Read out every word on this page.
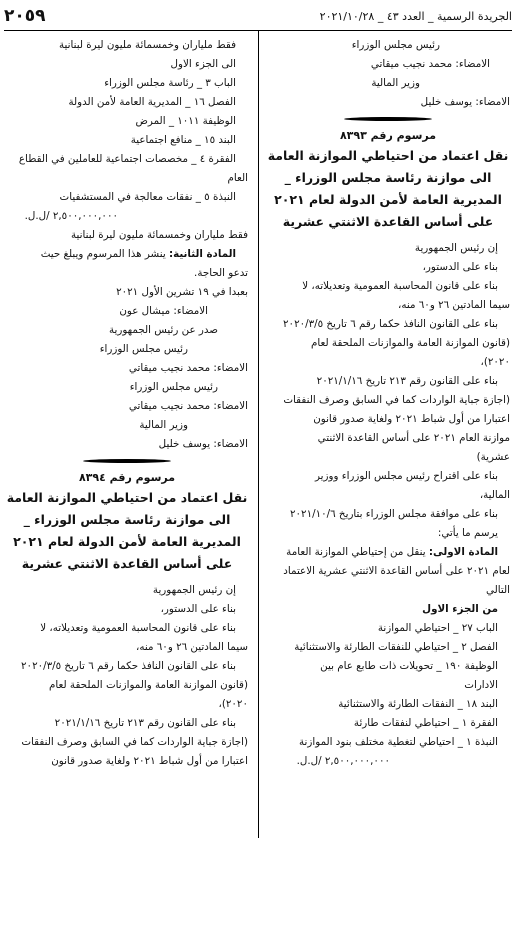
الجريدة الرسمية _ العدد ٤٣ _ ٢٠٢١/١٠/٢٨
٢٠٥٩

رئيس مجلس الوزراء

الامضاء: محمد نجيب ميقاتي

وزير المالية

الامضاء: يوسف خليل

مرسوم رقم ٨٣٩٣

نقل اعتماد من احتياطي الموازنة العامة

الى موازنة رئاسة مجلس الوزراء _

المديرية العامة لأمن الدولة لعام ٢٠٢١

على أساس القاعدة الاثنتي عشرية

إن رئيس الجمهورية

بناء على الدستور،

بناء على قانون المحاسبة العمومية وتعديلاته، لا

سيما المادتين ٢٦ و٦٠ منه،

بناء على القانون النافذ حكما رقم ٦ تاريخ ٢٠٢٠/٣/٥

(قانون الموازنة العامة والموازنات الملحقة لعام

٢٠٢٠)،

بناء على القانون رقم ٢١٣ تاريخ ٢٠٢١/١/١٦

(اجازة جباية الواردات كما في السابق وصرف النفقات

اعتبارا من أول شباط ٢٠٢١ ولغاية صدور قانون

موازنة العام ٢٠٢١ على أساس القاعدة الاثنتي

عشرية)

بناء على اقتراح رئيس مجلس الوزراء ووزير

المالية،

بناء على موافقة مجلس الوزراء بتاريخ ٢٠٢١/١٠/٦

يرسم ما يأتي:

المادة الاولى: ينقل من إحتياطي الموازنة العامة

لعام ٢٠٢١ على أساس القاعدة الاثنتي عشرية الاعتماد

التالي

من الجزء الاول

الباب ٢٧ _ احتياطي الموازنة

الفصل ٢ _ احتياطي للنفقات الطارئة والاستثنائية

الوظيفة ١٩٠ _ تحويلات ذات طابع عام بين

الادارات

البند ١٨ _ النفقات الطارئة والاستثنائية

الفقرة ١ _ احتياطي لنفقات طارئة

النبذة ١ _ احتياطي لتغطية مختلف بنود الموازنة

٢,٥٠٠,٠٠٠,٠٠٠ /ل.ل.

فقط ملياران وخمسمائة مليون ليرة لبنانية

الى الجزء الاول

الباب ٣ _ رئاسة مجلس الوزراء

الفصل ١٦ _ المديرية العامة لأمن الدولة

الوظيفة ١٠١١ _ المرض

البند ١٥ _ منافع اجتماعية

الفقرة ٤ _ مخصصات اجتماعية للعاملين في القطاع

العام

النبذة ٥ _ نفقات معالجة في المستشفيات

٢,٥٠٠,٠٠٠,٠٠٠ /ل.ل.

فقط ملياران وخمسمائة مليون ليرة لبنانية

المادة الثانية: ينشر هذا المرسوم ويبلغ حيث

تدعو الحاجة.

بعبدا في ١٩ تشرين الأول ٢٠٢١

الامضاء: ميشال عون

صدر عن رئيس الجمهورية

رئيس مجلس الوزراء

الامضاء: محمد نجيب ميقاتي

رئيس مجلس الوزراء

الامضاء: محمد نجيب ميقاتي

وزير المالية

الامضاء: يوسف خليل

مرسوم رقم ٨٣٩٤

نقل اعتماد من احتياطي الموازنة العامة

الى موازنة رئاسة مجلس الوزراء _

المديرية العامة لأمن الدولة لعام ٢٠٢١

على أساس القاعدة الاثنتي عشرية

إن رئيس الجمهورية

بناء على الدستور،

بناء على قانون المحاسبة العمومية وتعديلاته، لا

سيما المادتين ٢٦ و٦٠ منه،

بناء على القانون النافذ حكما رقم ٦ تاريخ ٢٠٢٠/٣/٥

(قانون الموازنة العامة والموازنات الملحقة لعام

٢٠٢٠)،

بناء على القانون رقم ٢١٣ تاريخ ٢٠٢١/١/١٦

(اجازة جباية الواردات كما في السابق وصرف النفقات

اعتبارا من أول شباط ٢٠٢١ ولغاية صدور قانون
